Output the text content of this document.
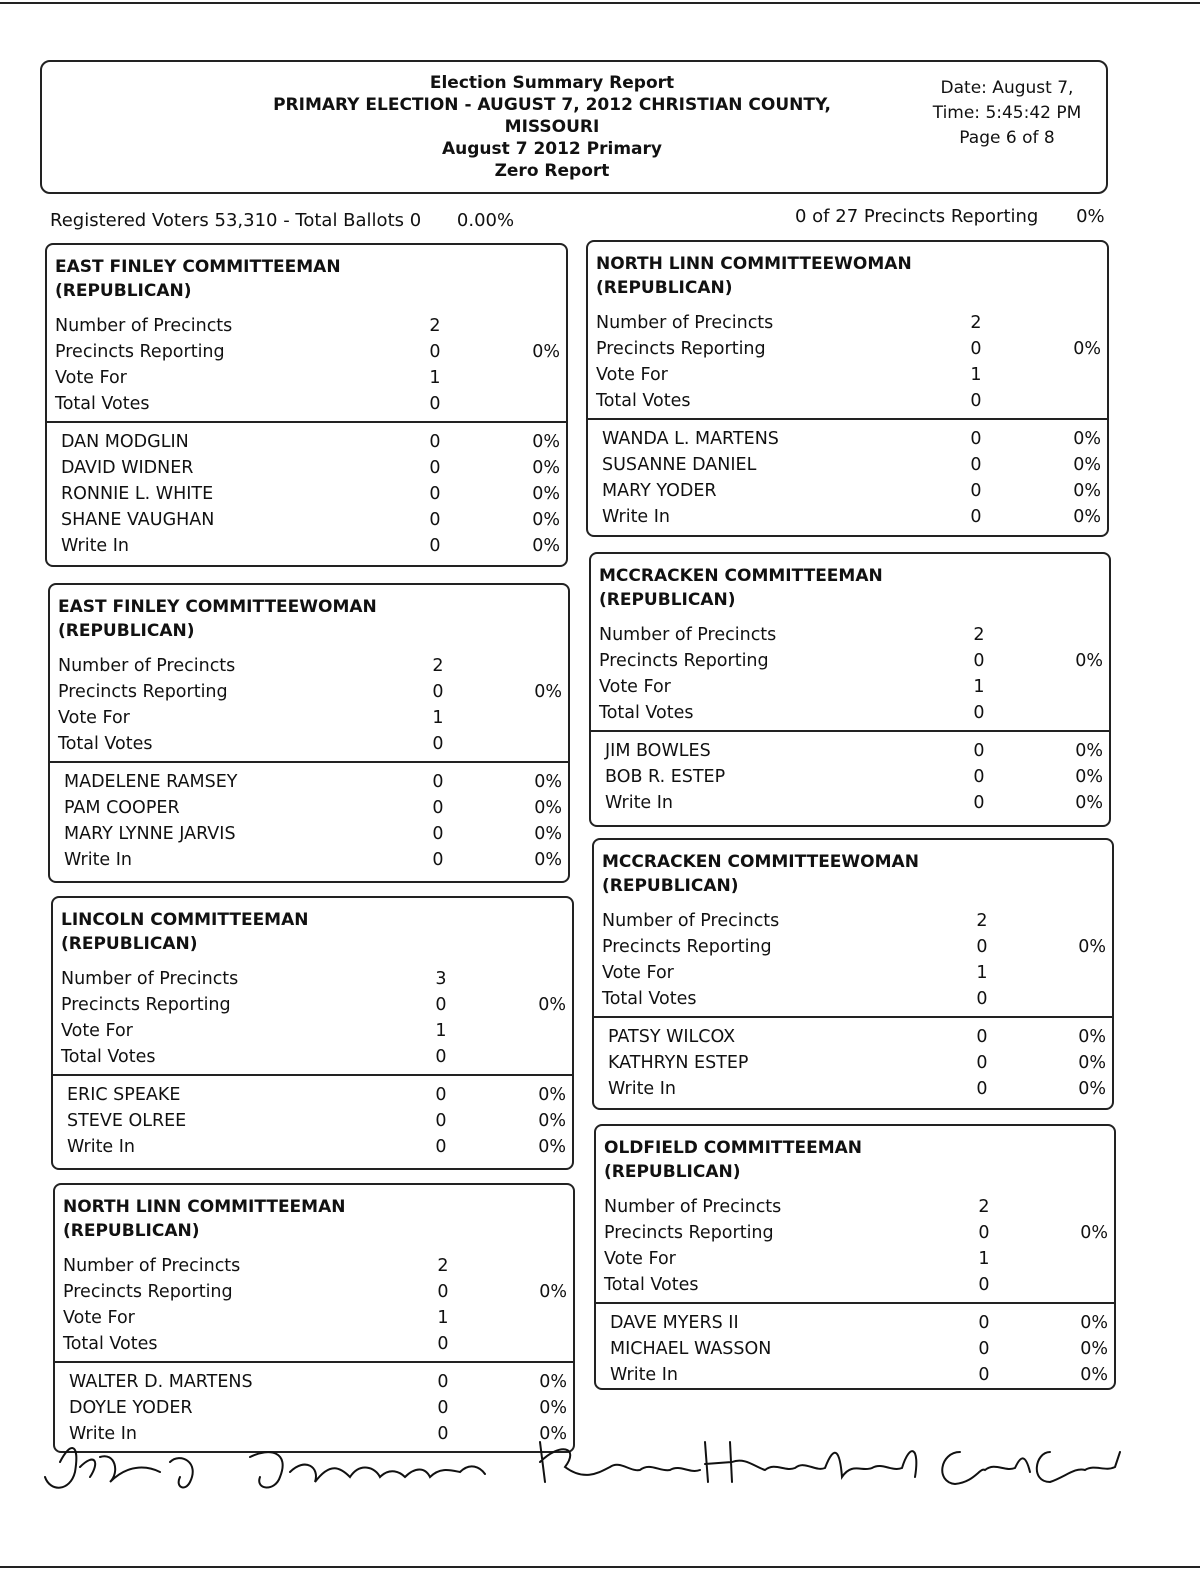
Election Summary Report
PRIMARY ELECTION - AUGUST 7, 2012 CHRISTIAN COUNTY,
MISSOURI
August 7 2012 Primary
Zero Report
Date: August 7,
Time: 5:45:42 PM
Page 6 of 8
Registered Voters 53,310 - Total Ballots 0 0.00%	0 of 27 Precincts Reporting 0%
EAST FINLEY COMMITTEEMAN
(REPUBLICAN)
Number of Precincts	2
Precincts Reporting	0	0%
Vote For	1
Total Votes	0
DAN MODGLIN	0	0%
DAVID WIDNER	0	0%
RONNIE L. WHITE	0	0%
SHANE VAUGHAN	0	0%
Write In	0	0%
EAST FINLEY COMMITTEEWOMAN
(REPUBLICAN)
Number of Precincts	2
Precincts Reporting	0	0%
Vote For	1
Total Votes	0
MADELENE RAMSEY	0	0%
PAM COOPER	0	0%
MARY LYNNE JARVIS	0	0%
Write In	0	0%
LINCOLN COMMITTEEMAN
(REPUBLICAN)
Number of Precincts	3
Precincts Reporting	0	0%
Vote For	1
Total Votes	0
ERIC SPEAKE	0	0%
STEVE OLREE	0	0%
Write In	0	0%
NORTH LINN COMMITTEEMAN
(REPUBLICAN)
Number of Precincts	2
Precincts Reporting	0	0%
Vote For	1
Total Votes	0
WALTER D. MARTENS	0	0%
DOYLE YODER	0	0%
Write In	0	0%
NORTH LINN COMMITTEEWOMAN
(REPUBLICAN)
Number of Precincts	2
Precincts Reporting	0	0%
Vote For	1
Total Votes	0
WANDA L. MARTENS	0	0%
SUSANNE DANIEL	0	0%
MARY YODER	0	0%
Write In	0	0%
MCCRACKEN COMMITTEEMAN
(REPUBLICAN)
Number of Precincts	2
Precincts Reporting	0	0%
Vote For	1
Total Votes	0
JIM BOWLES	0	0%
BOB R. ESTEP	0	0%
Write In	0	0%
MCCRACKEN COMMITTEEWOMAN
(REPUBLICAN)
Number of Precincts	2
Precincts Reporting	0	0%
Vote For	1
Total Votes	0
PATSY WILCOX	0	0%
KATHRYN ESTEP	0	0%
Write In	0	0%
OLDFIELD COMMITTEEMAN
(REPUBLICAN)
Number of Precincts	2
Precincts Reporting	0	0%
Vote For	1
Total Votes	0
DAVE MYERS II	0	0%
MICHAEL WASSON	0	0%
Write In	0	0%
